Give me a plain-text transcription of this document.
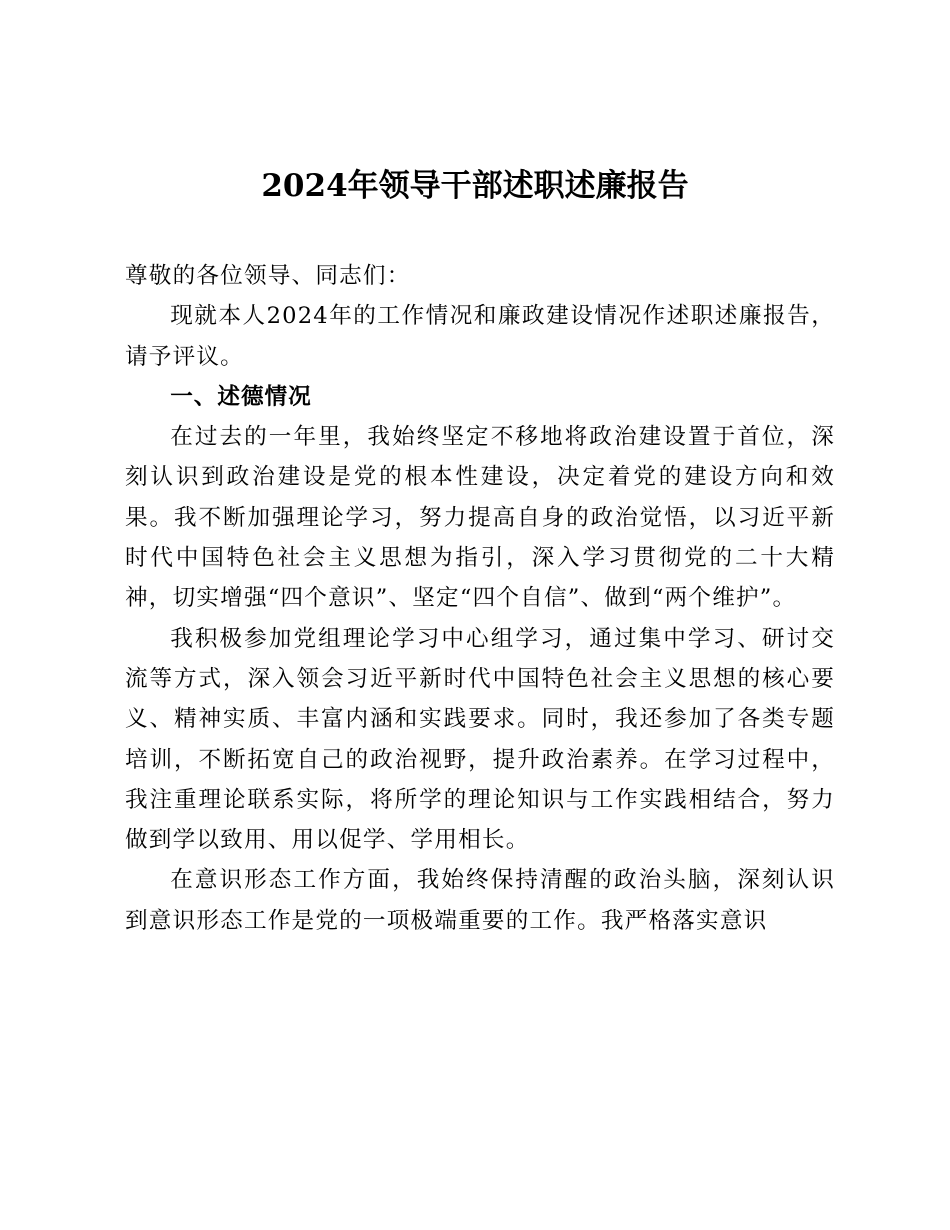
2024年领导干部述职述廉报告

尊敬的各位领导、同志们：

现就本人2024年的工作情况和廉政建设情况作述职述廉报告，请予评议。

一、述德情况

在过去的一年里，我始终坚定不移地将政治建设置于首位，深刻认识到政治建设是党的根本性建设，决定着党的建设方向和效果。我不断加强理论学习，努力提高自身的政治觉悟，以习近平新时代中国特色社会主义思想为指引，深入学习贯彻党的二十大精神，切实增强“四个意识”、坚定“四个自信”、做到“两个维护”。

我积极参加党组理论学习中心组学习，通过集中学习、研讨交流等方式，深入领会习近平新时代中国特色社会主义思想的核心要义、精神实质、丰富内涵和实践要求。同时，我还参加了各类专题培训，不断拓宽自己的政治视野，提升政治素养。在学习过程中，我注重理论联系实际，将所学的理论知识与工作实践相结合，努力做到学以致用、用以促学、学用相长。

在意识形态工作方面，我始终保持清醒的政治头脑，深刻认识到意识形态工作是党的一项极端重要的工作。我严格落实意识
